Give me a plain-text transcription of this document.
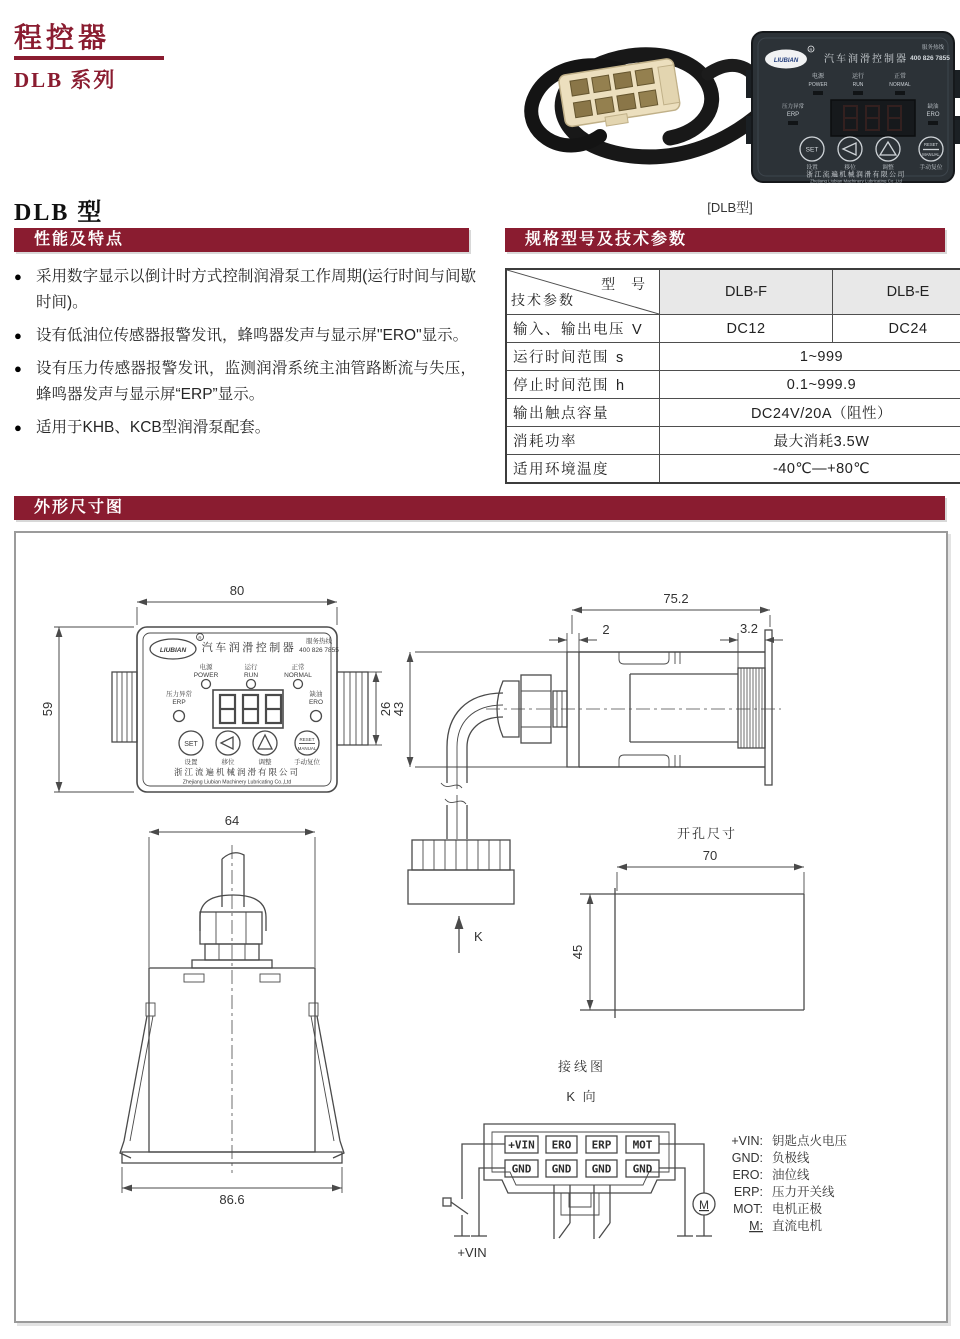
程控器
DLB 系列
LIUBIAN
R
汽车润滑控制器
服务热线
400 826 7855
电源
POWER
运行
RUN
正常
NORMAL
压力异常
ERP
缺油
ERO
SET
RESET
MANUAL
设置	移位	调整	手动复位
浙江流遍机械润滑有限公司
Zhejiang Liubian Machinery Lubricating Co.,Ltd
[DLB型]
DLB 型
性能及特点	规格型号及技术参数
● 采用数字显示以倒计时方式控制润滑泵工作周期(运行时间与间歇时间)。
● 设有低油位传感器报警发讯，蜂鸣器发声与显示屏"ERO"显示。
● 设有压力传感器报警发讯，监测润滑系统主油管路断流与失压，蜂鸣器发声与显示屏“ERP”显示。
● 适用于KHB、KCB型润滑泵配套。
型 号
技术参数	DLB-F	DLB-E
输入、输出电压 V	DC12	DC24
运行时间范围 s	1~999	
停止时间范围 h	0.1~999.9	
输出触点容量	DC24V/20A（阻性）	
消耗功率	最大消耗3.5W	
适用环境温度	-40℃—+80℃	
外形尺寸图
80
59	26
LIUBIAN
R
汽车润滑控制器
服务热线
400 826 7855
电源
POWER
运行
RUN
正常
NORMAL
压力异常
ERP
缺油
ERO
SET
RESET
MANUAL
设置	移位	调整	手动复位
浙江流遍机械润滑有限公司
Zhejiang Liubian Machinery Lubricating Co.,Ltd
75.2
2	3.2
43
K
64
86.6
开孔尺寸
70
45
接线图
K 向
+VIN ERO ERP MOT
GND GND GND GND
M
+VIN
+VIN: 钥匙点火电压
GND: 负极线
ERO: 油位线
ERP: 压力开关线
MOT: 电机正极
M: 直流电机
